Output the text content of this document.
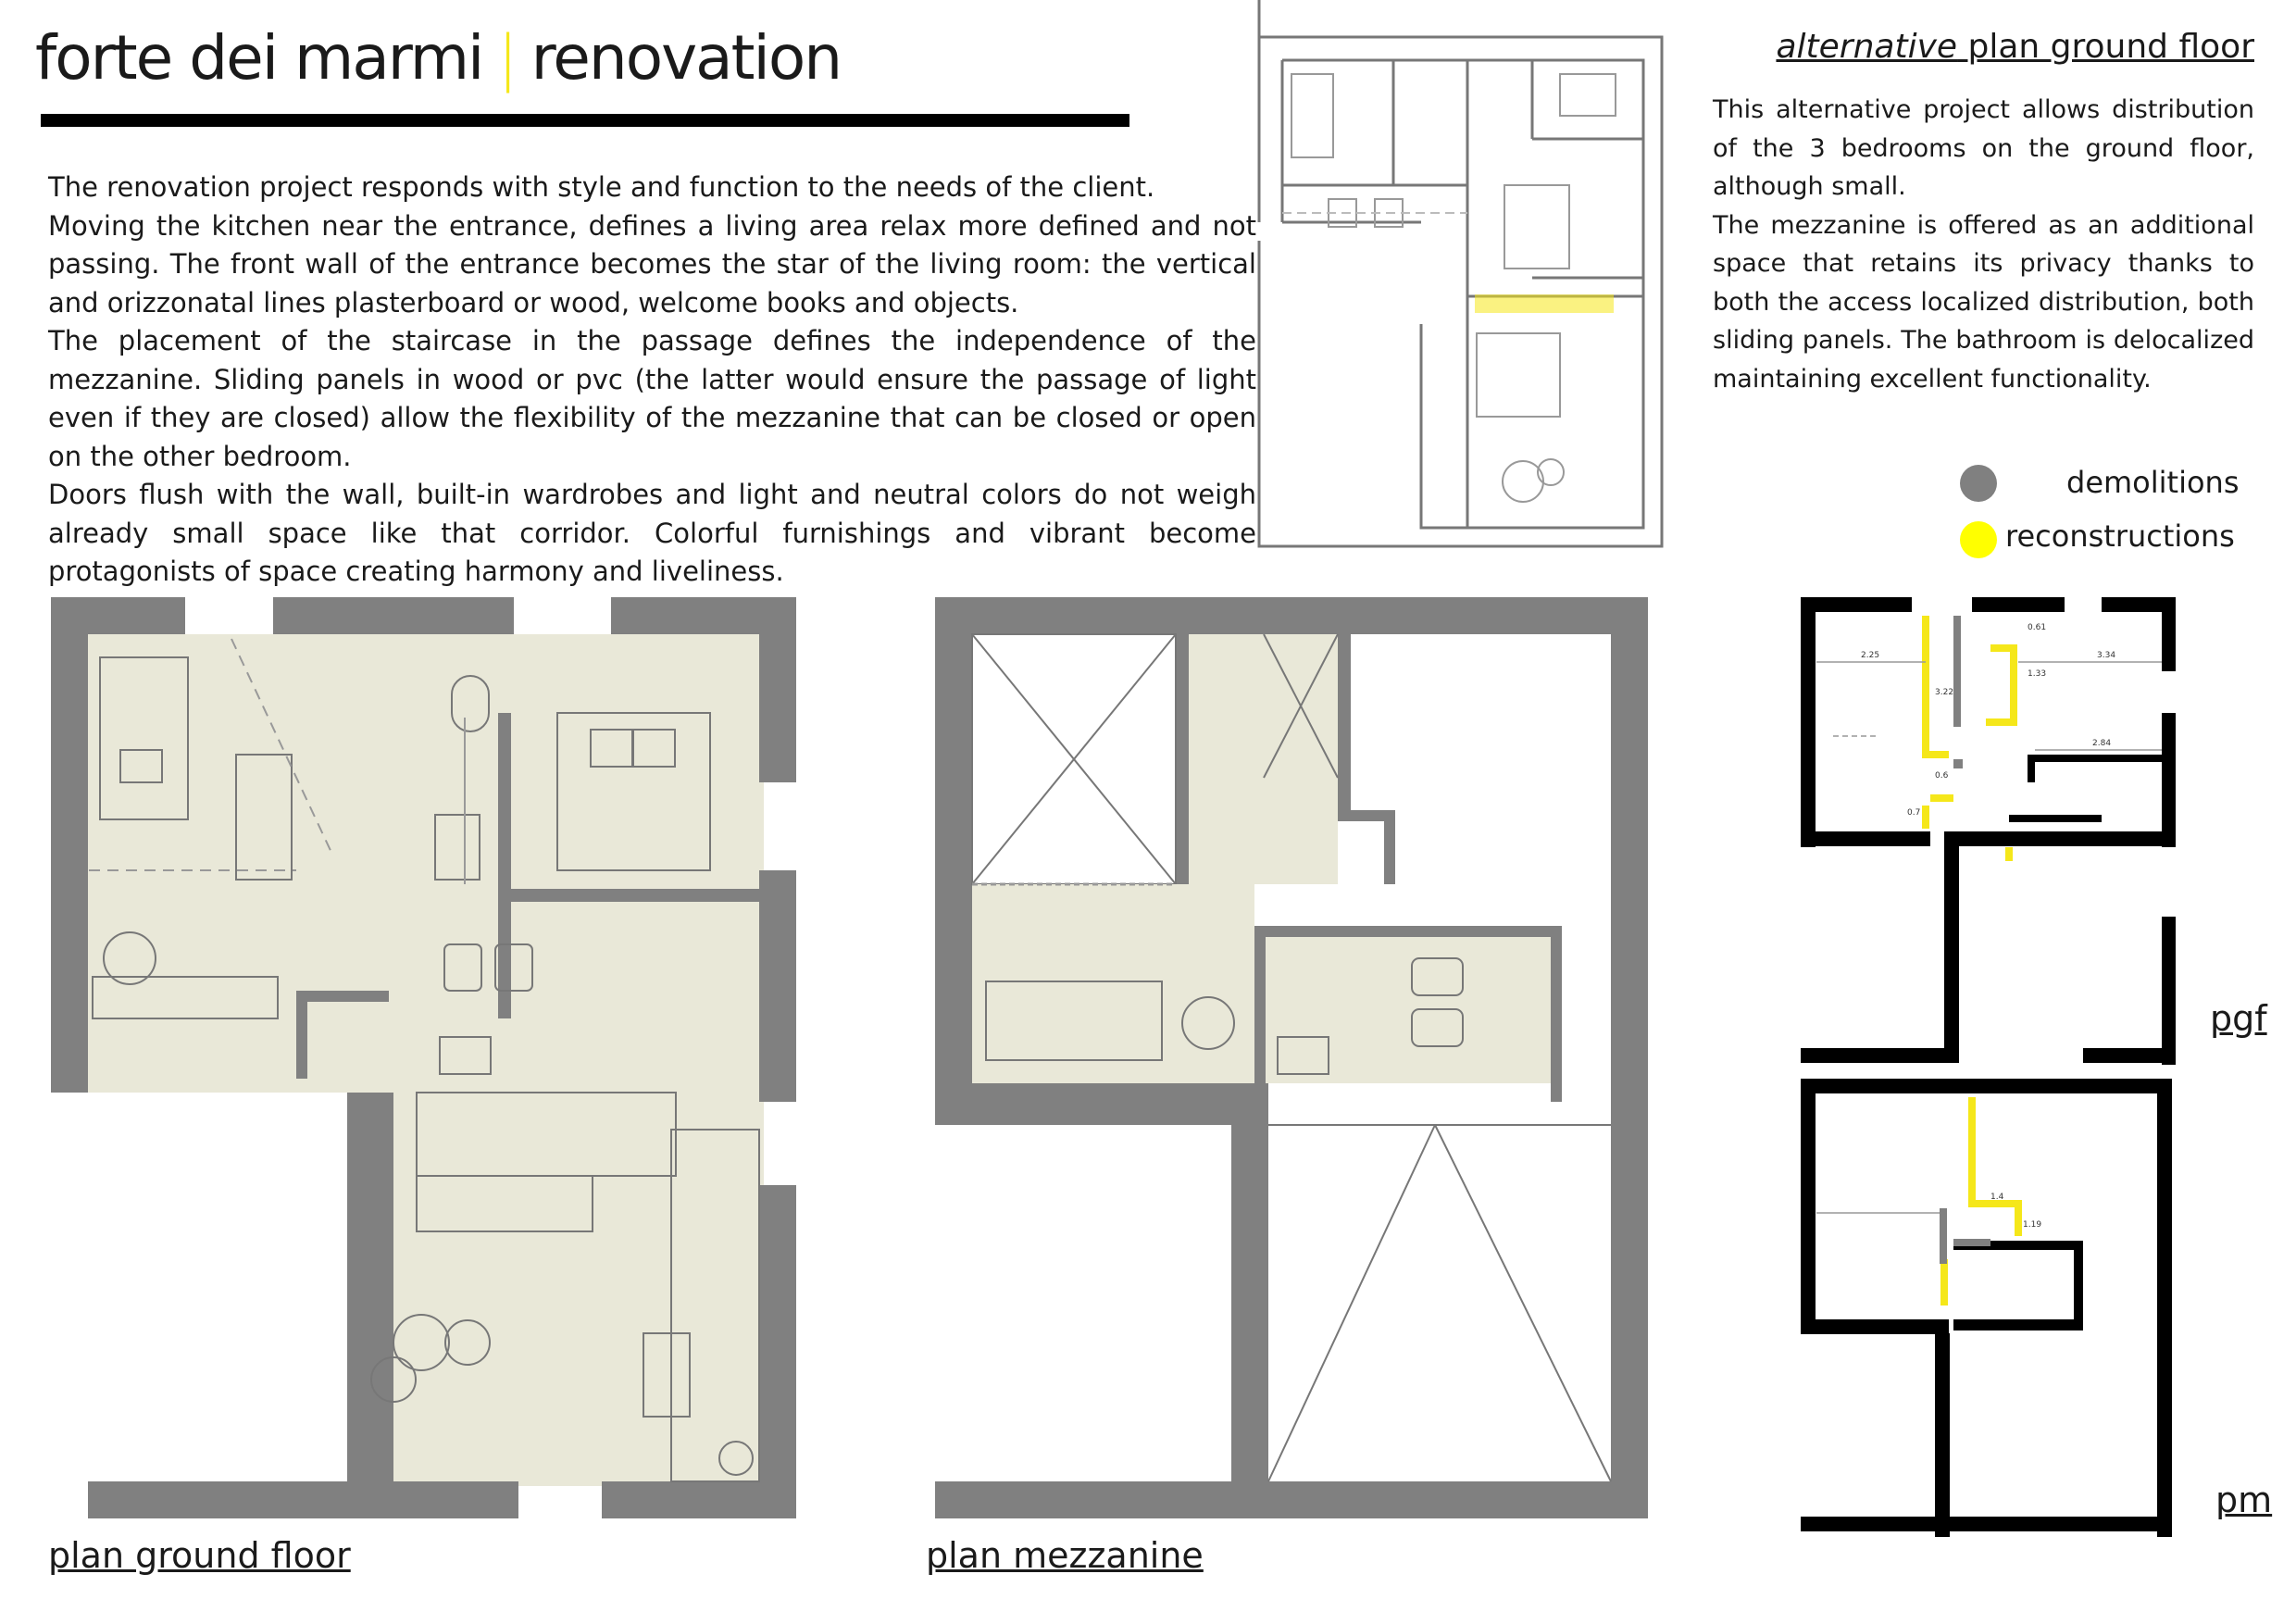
forte dei marmi | renovation

The renovation project responds with style and function to the needs of the client.

Moving the kitchen near the entrance, defines a living area relax more defined and not passing. The front wall of the entrance becomes the star of the living room: the vertical and orizzonatal lines plasterboard or wood, welcome books and objects.

The placement of the staircase in the passage defines the independence of the mezzanine. Sliding panels in wood or pvc (the latter would ensure the passage of light even if they are closed) allow the flexibility of the mezzanine that can be closed or open on the other bedroom.

Doors flush with the wall, built-in wardrobes and light and neutral colors do not weigh already small space like that corridor. Colorful furnishings and vibrant become protagonists of space creating harmony and liveliness.

alternative plan ground floor

This alternative project allows distribution of the 3 bedrooms on the ground floor, although small.

The mezzanine is offered as an additional space that retains its privacy thanks to both the access localized distribution, both sliding panels. The bathroom is delocalized maintaining excellent functionality.

demolitions
reconstructions
plan ground floor	plan mezzanine
2.25
3.22
0.61
1.33
3.34
2.84
0.6
0.7
pgf
1.4
1.19
pm
